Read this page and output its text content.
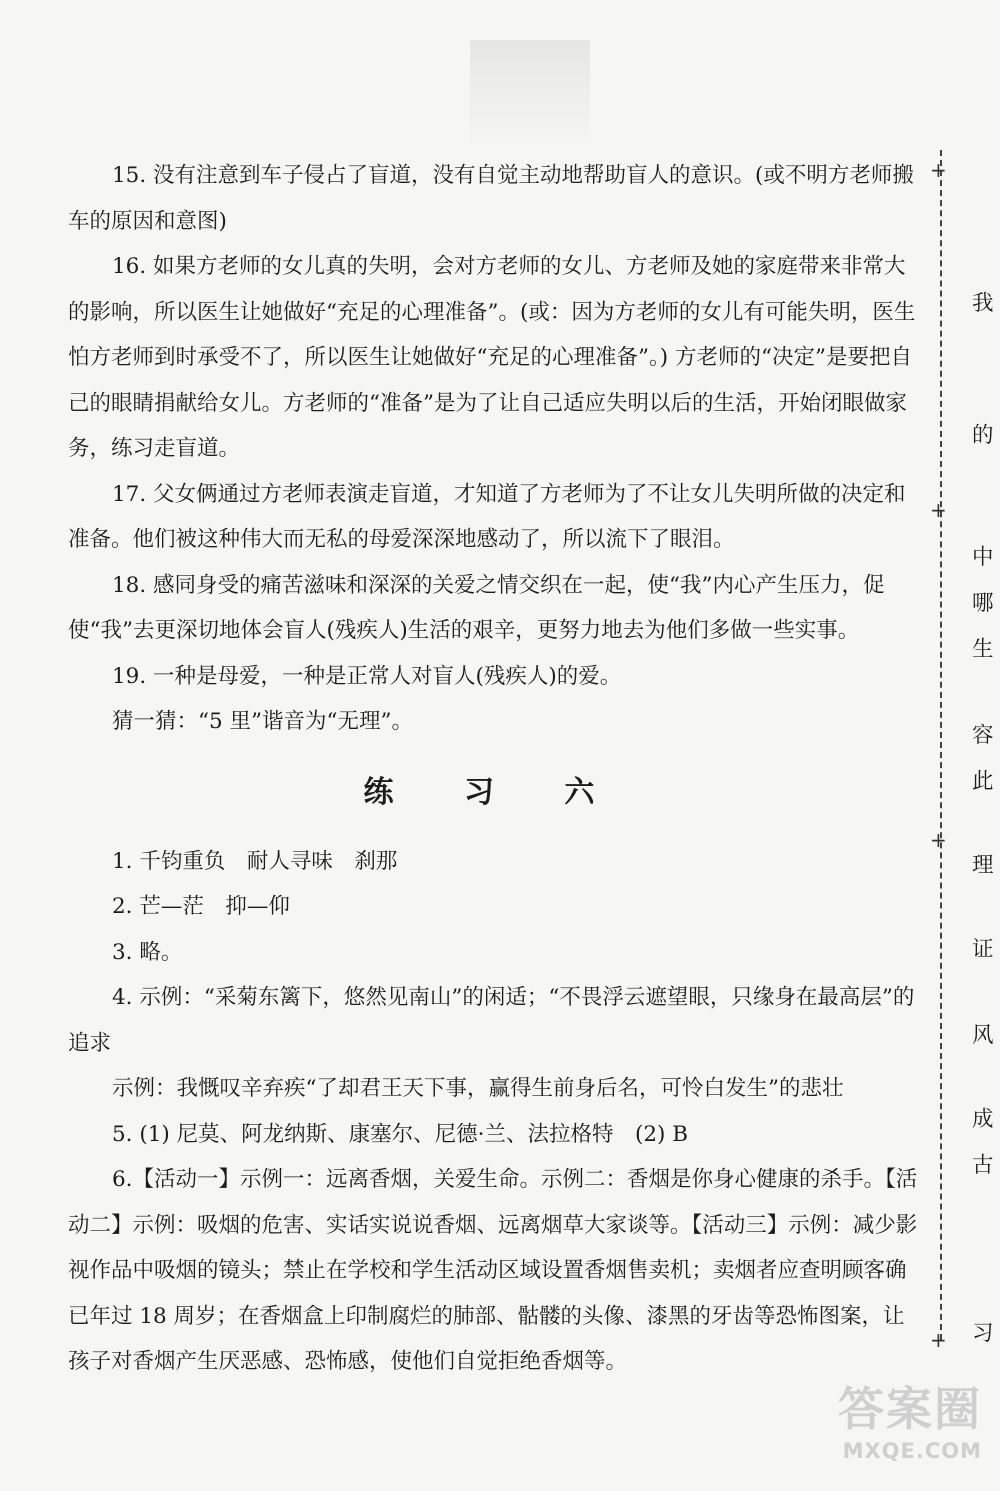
15. 没有注意到车子侵占了盲道，没有自觉主动地帮助盲人的意识。(或不明方老师搬车的原因和意图)

16. 如果方老师的女儿真的失明，会对方老师的女儿、方老师及她的家庭带来非常大的影响，所以医生让她做好“充足的心理准备”。(或：因为方老师的女儿有可能失明，医生怕方老师到时承受不了，所以医生让她做好“充足的心理准备”。) 方老师的“决定”是要把自己的眼睛捐献给女儿。方老师的“准备”是为了让自己适应失明以后的生活，开始闭眼做家务，练习走盲道。

17. 父女俩通过方老师表演走盲道，才知道了方老师为了不让女儿失明所做的决定和准备。他们被这种伟大而无私的母爱深深地感动了，所以流下了眼泪。

18. 感同身受的痛苦滋味和深深的关爱之情交织在一起，使“我”内心产生压力，促使“我”去更深切地体会盲人(残疾人)生活的艰辛，更努力地去为他们多做一些实事。

19. 一种是母爱，一种是正常人对盲人(残疾人)的爱。

猜一猜：“5 里”谐音为“无理”。

练 习 六

1. 千钧重负　耐人寻味　刹那

2. 芒—茫　抑—仰

3. 略。

4. 示例：“采菊东篱下，悠然见南山”的闲适；“不畏浮云遮望眼，只缘身在最高层”的追求

示例：我慨叹辛弃疾“了却君王天下事，赢得生前身后名，可怜白发生”的悲壮

5. (1) 尼莫、阿龙纳斯、康塞尔、尼德·兰、法拉格特　(2) B

6.【活动一】示例一：远离香烟，关爱生命。示例二：香烟是你身心健康的杀手。【活动二】示例：吸烟的危害、实话实说说香烟、远离烟草大家谈等。【活动三】示例：减少影视作品中吸烟的镜头；禁止在学校和学生活动区域设置香烟售卖机；卖烟者应查明顾客确已年过 18 周岁；在香烟盒上印制腐烂的肺部、骷髅的头像、漆黑的牙齿等恐怖图案，让孩子对香烟产生厌恶感、恐怖感，使他们自觉拒绝香烟等。

+
+
+
+
我
的
中
哪
生
容
此
理
证
风
成
古
习
答案圈
MXQE.COM
